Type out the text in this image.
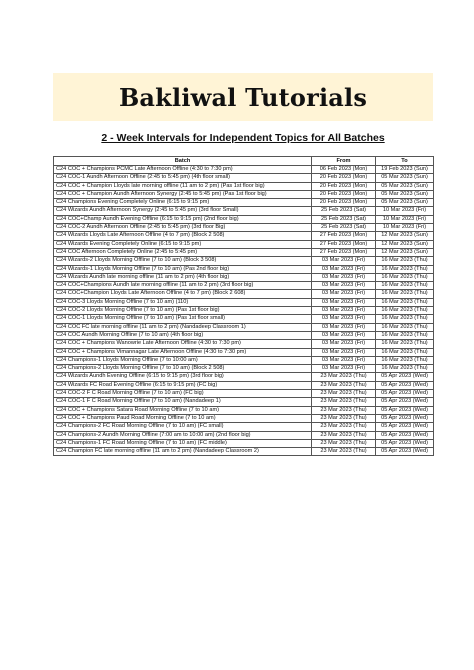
Bakliwal Tutorials
2 - Week Intervals for Independent Topics for All Batches

Batch	From	To
C24 COC + Champions PCMC Late Afternoon Offline (4:30 to 7:30 pm)	06 Feb 2023 (Mon)	19 Feb 2023 (Sun)
C24 COC-1 Aundh Afternoon Offline (2:45 to 5:45 pm) (4th floor small)	20 Feb 2023 (Mon)	05 Mar 2023 (Sun)
C24 COC + Champion Lloyds late morning offline (11 am to 2 pm) (Pas 1st floor big)	20 Feb 2023 (Mon)	05 Mar 2023 (Sun)
C24 COC + Champion Aundh Afternoon Synergy (2:45 to 5:45 pm) (Pas 1st floor big)	20 Feb 2023 (Mon)	05 Mar 2023 (Sun)
C24 Champions Evening Completely Online (6:15 to 9:15 pm)	20 Feb 2023 (Mon)	05 Mar 2023 (Sun)
C24 Wizards Aundh Afternoon Synergy (2:45 to 5:45 pm) (3rd floor Small)	25 Feb 2023 (Sat)	10 Mar 2023 (Fri)
C24 COC+Champ Aundh Evening Offline (6:15 to 9:15 pm) (2nd floor big)	25 Feb 2023 (Sat)	10 Mar 2023 (Fri)
C24 COC-2 Aundh Afternoon Offline (2:45 to 5:45 pm) (3rd floor Big)	25 Feb 2023 (Sat)	10 Mar 2023 (Fri)
C24 Wizards Lloyds Late Afternoon Offline (4 to 7 pm) (Block 2 508)	27 Feb 2023 (Mon)	12 Mar 2023 (Sun)
C24 Wizards Evening Completely Online (6:15 to 9:15 pm)	27 Feb 2023 (Mon)	12 Mar 2023 (Sun)
C24 COC Afternoon Completely Online (2:45 to 5:45 pm)	27 Feb 2023 (Mon)	12 Mar 2023 (Sun)
C24 Wizards-2 Lloyds Morning Offline (7 to 10 am) (Block 3 508)	03 Mar 2023 (Fri)	16 Mar 2023 (Thu)
C24 Wizards-1 Lloyds Morning Offline (7 to 10 am) (Pas 2nd floor big)	03 Mar 2023 (Fri)	16 Mar 2023 (Thu)
C24 Wizards Aundh late morning offline (11 am to 2 pm) (4th floor big)	03 Mar 2023 (Fri)	16 Mar 2023 (Thu)
C24 COC+Champions Aundh late morning offline (11 am to 2 pm) (3rd floor big)	03 Mar 2023 (Fri)	16 Mar 2023 (Thu)
C24 COC+Champion Lloyds Late Afternoon Offline (4 to 7 pm) (Block 2 608)	03 Mar 2023 (Fri)	16 Mar 2023 (Thu)
C24 COC-3 Lloyds Morning Offline (7 to 10 am) (110)	03 Mar 2023 (Fri)	16 Mar 2023 (Thu)
C24 COC-2 Lloyds Morning Offline (7 to 10 am) (Pas 1st floor big)	03 Mar 2023 (Fri)	16 Mar 2023 (Thu)
C24 COC-1 Lloyds Morning Offline (7 to 10 am) (Pas 1st floor small)	03 Mar 2023 (Fri)	16 Mar 2023 (Thu)
C24 COC FC late morning offline (11 am to 2 pm) (Nandadeep Classroom 1)	03 Mar 2023 (Fri)	16 Mar 2023 (Thu)
C24 COC Aundh Morning Offline (7 to 10 am) (4th floor big)	03 Mar 2023 (Fri)	16 Mar 2023 (Thu)
C24 COC + Champions Wanowrie Late Afternoon Offline (4:30 to 7:30 pm)	03 Mar 2023 (Fri)	16 Mar 2023 (Thu)
C24 COC + Champions Vimannagar Late Afternoon Offline (4:30 to 7:30 pm)	03 Mar 2023 (Fri)	16 Mar 2023 (Thu)
C24 Champions-1 Lloyds Morning Offline (7 to 10:00 am)	03 Mar 2023 (Fri)	16 Mar 2023 (Thu)
C24 Champions-2 Lloyds Morning Offline (7 to 10 am) (Block 2 508)	03 Mar 2023 (Fri)	16 Mar 2023 (Thu)
C24 Wizards Aundh Evening Offline (6:15 to 9:15 pm) (3rd floor big)	23 Mar 2023 (Thu)	05 Apr 2023 (Wed)
C24 Wizards FC Road Evening Offline (6:15 to 9:15 pm) (FC big)	23 Mar 2023 (Thu)	05 Apr 2023 (Wed)
C24 COC-2 F C Road Morning Offline (7 to 10 am) (FC big)	23 Mar 2023 (Thu)	05 Apr 2023 (Wed)
C24 COC-1 F C Road Morning Offline (7 to 10 am) (Nandadeep 1)	23 Mar 2023 (Thu)	05 Apr 2023 (Wed)
C24 COC + Champions Satara Road Morning Offline (7 to 10 am)	23 Mar 2023 (Thu)	05 Apr 2023 (Wed)
C24 COC + Champions Paud Road Morning Offline (7 to 10 am)	23 Mar 2023 (Thu)	05 Apr 2023 (Wed)
C24 Champions-2 FC Road Morning Offline (7 to 10 am) (FC small)	23 Mar 2023 (Thu)	05 Apr 2023 (Wed)
C24 Champions-2 Aundh Morning Offline (7:00 am to 10:00 am) (2nd floor big)	23 Mar 2023 (Thu)	05 Apr 2023 (Wed)
C24 Champions-1 FC Road Morning Offline (7 to 10 am) (FC middle)	23 Mar 2023 (Thu)	05 Apr 2023 (Wed)
C24 Champion FC late morning offline (11 am to 2 pm) (Nandadeep Classroom 2)	23 Mar 2023 (Thu)	05 Apr 2023 (Wed)
